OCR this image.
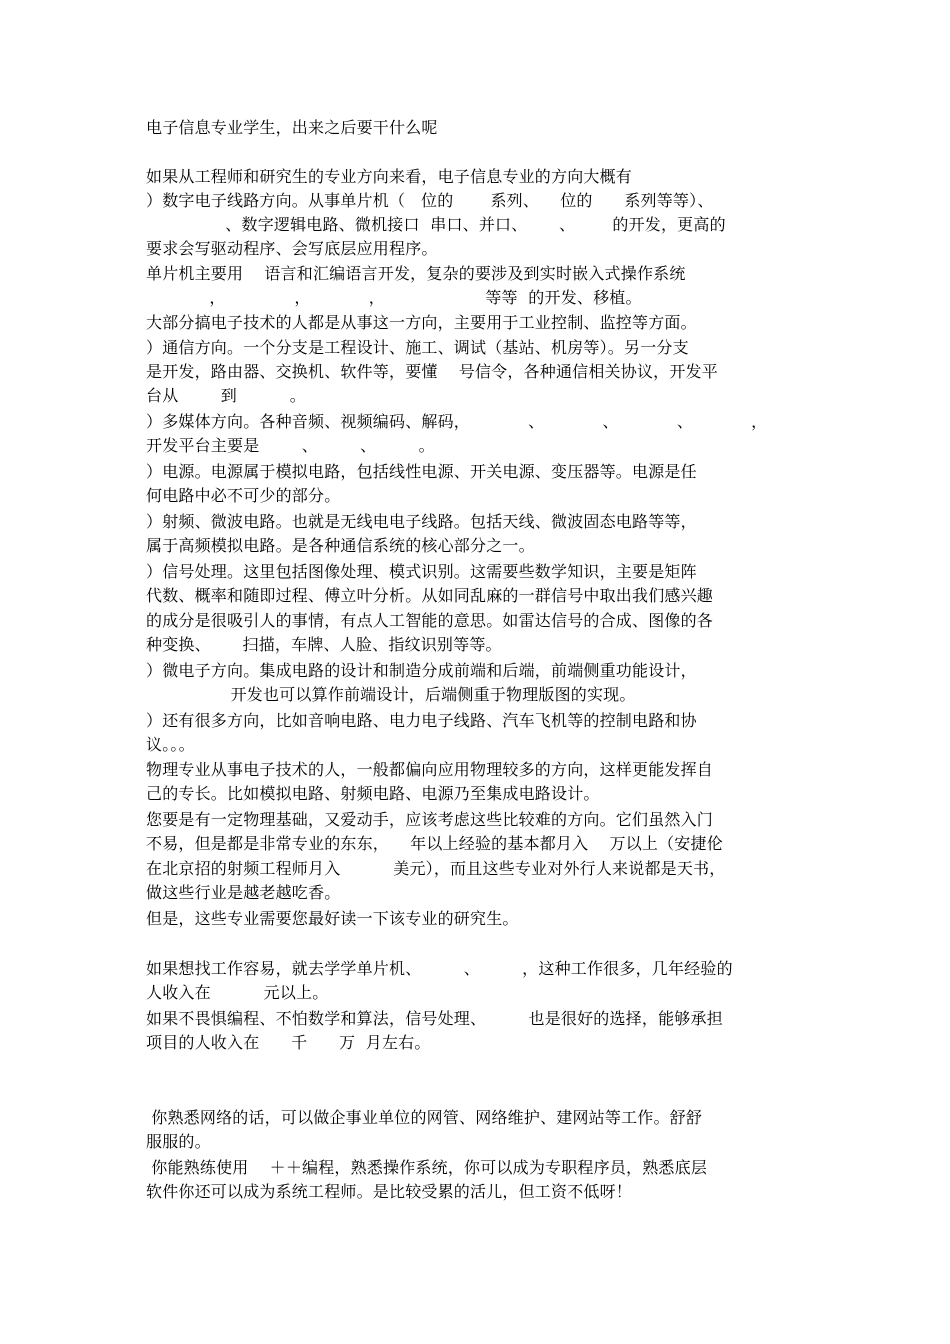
电子信息专业学生，出来之后要干什么呢
如果从工程师和研究生的专业方向来看，电子信息专业的方向大概有
）数字电子线路方向。从事单片机（   位的       系列、    位的      系列等等）、
、数字逻辑电路、微机接口  串口、并口、      、       的开发，更高的
要求会写驱动程序、会写底层应用程序。
单片机主要用    语言和汇编语言开发，复杂的要涉及到实时嵌入式操作系统
，             ，           ，                   等等  的开发、移植。
大部分搞电子技术的人都是从事这一方向，主要用于工业控制、监控等方面。
）通信方向。一个分支是工程设计、施工、调试（基站、机房等）。另一分支
是开发，路由器、交换机、软件等，要懂    号信令，各种通信相关协议，开发平
台从        到          。
）多媒体方向。各种音频、视频编码、解码，           、           、           、           ，
开发平台主要是        、        、        。
）电源。电源属于模拟电路，包括线性电源、开关电源、变压器等。电源是任
何电路中必不可少的部分。
）射频、微波电路。也就是无线电电子线路。包括天线、微波固态电路等等，
属于高频模拟电路。是各种通信系统的核心部分之一。
）信号处理。这里包括图像处理、模式识别。这需要些数学知识，主要是矩阵
代数、概率和随即过程、傅立叶分析。从如同乱麻的一群信号中取出我们感兴趣
的成分是很吸引人的事情，有点人工智能的意思。如雷达信号的合成、图像的各
种变换、      扫描，车牌、人脸、指纹识别等等。
）微电子方向。集成电路的设计和制造分成前端和后端，前端侧重功能设计，
开发也可以算作前端设计，后端侧重于物理版图的实现。
）还有很多方向，比如音响电路、电力电子线路、汽车飞机等的控制电路和协
议。。。
物理专业从事电子技术的人，一般都偏向应用物理较多的方向，这样更能发挥自
己的专长。比如模拟电路、射频电路、电源乃至集成电路设计。
您要是有一定物理基础，又爱动手，应该考虑这些比较难的方向。它们虽然入门
不易，但是都是非常专业的东东，    年以上经验的基本都月入    万以上（安捷伦
在北京招的射频工程师月入          美元），而且这些专业对外行人来说都是天书，
做这些行业是越老越吃香。
但是，这些专业需要您最好读一下该专业的研究生。
如果想找工作容易，就去学学单片机、        、        ，这种工作很多，几年经验的
人收入在          元以上。
如果不畏惧编程、不怕数学和算法，信号处理、        也是很好的选择，能够承担
项目的人收入在      千      万  月左右。
你熟悉网络的话，可以做企事业单位的网管、网络维护、建网站等工作。舒舒
服服的。
你能熟练使用    ＋＋编程，熟悉操作系统，你可以成为专职程序员，熟悉底层
软件你还可以成为系统工程师。是比较受累的活儿，但工资不低呀！
